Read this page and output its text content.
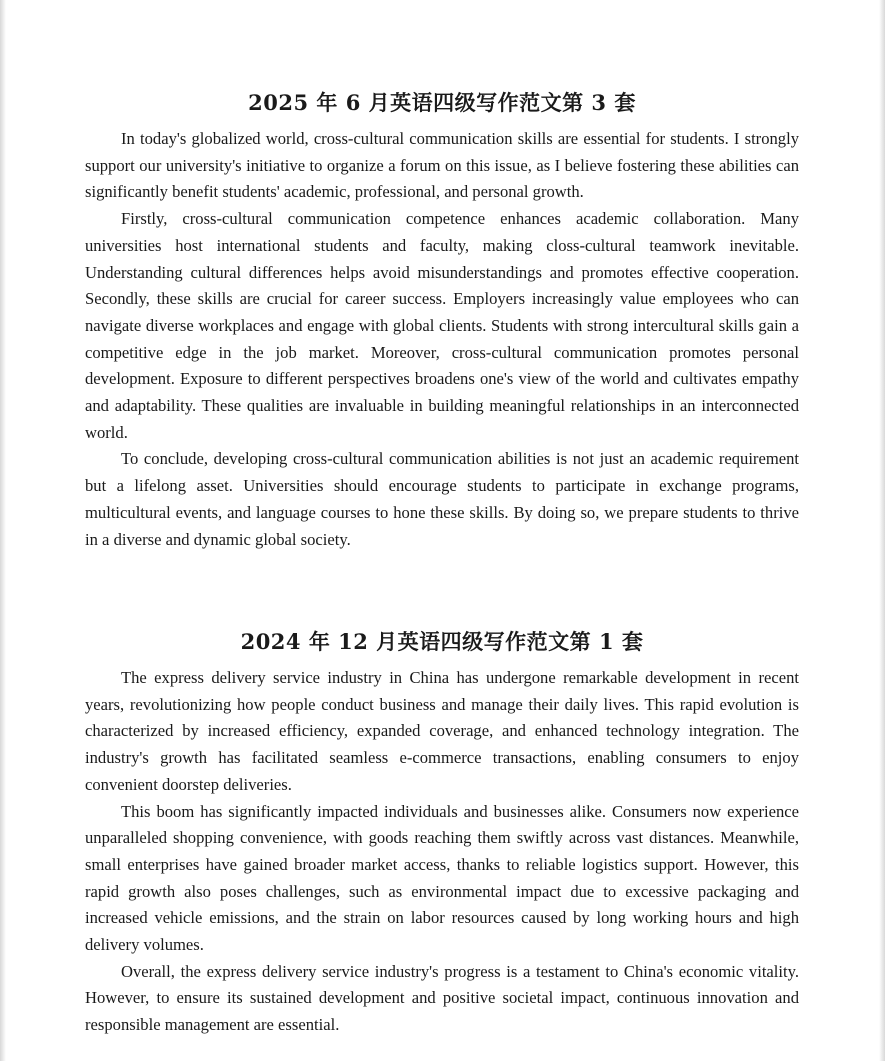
2025 年 6 月英语四级写作范文第 3 套

In today's globalized world, cross-cultural communication skills are essential for students. I strongly support our university's initiative to organize a forum on this issue, as I believe fostering these abilities can significantly benefit students' academic, professional, and personal growth.

Firstly, cross-cultural communication competence enhances academic collaboration. Many universities host international students and faculty, making closs-cultural teamwork inevitable. Understanding cultural differences helps avoid misunderstandings and promotes effective cooperation. Secondly, these skills are crucial for career success. Employers increasingly value employees who can navigate diverse workplaces and engage with global clients. Students with strong intercultural skills gain a competitive edge in the job market. Moreover, cross-cultural communication promotes personal development. Exposure to different perspectives broadens one's view of the world and cultivates empathy and adaptability. These qualities are invaluable in building meaningful relationships in an interconnected world.

To conclude, developing cross-cultural communication abilities is not just an academic requirement but a lifelong asset. Universities should encourage students to participate in exchange programs, multicultural events, and language courses to hone these skills. By doing so, we prepare students to thrive in a diverse and dynamic global society.

2024 年 12 月英语四级写作范文第 1 套

The express delivery service industry in China has undergone remarkable development in recent years, revolutionizing how people conduct business and manage their daily lives. This rapid evolution is characterized by increased efficiency, expanded coverage, and enhanced technology integration. The industry's growth has facilitated seamless e-commerce transactions, enabling consumers to enjoy convenient doorstep deliveries.

This boom has significantly impacted individuals and businesses alike. Consumers now experience unparalleled shopping convenience, with goods reaching them swiftly across vast distances. Meanwhile, small enterprises have gained broader market access, thanks to reliable logistics support. However, this rapid growth also poses challenges, such as environmental impact due to excessive packaging and increased vehicle emissions, and the strain on labor resources caused by long working hours and high delivery volumes.

Overall, the express delivery service industry's progress is a testament to China's economic vitality. However, to ensure its sustained development and positive societal impact, continuous innovation and responsible management are essential.
